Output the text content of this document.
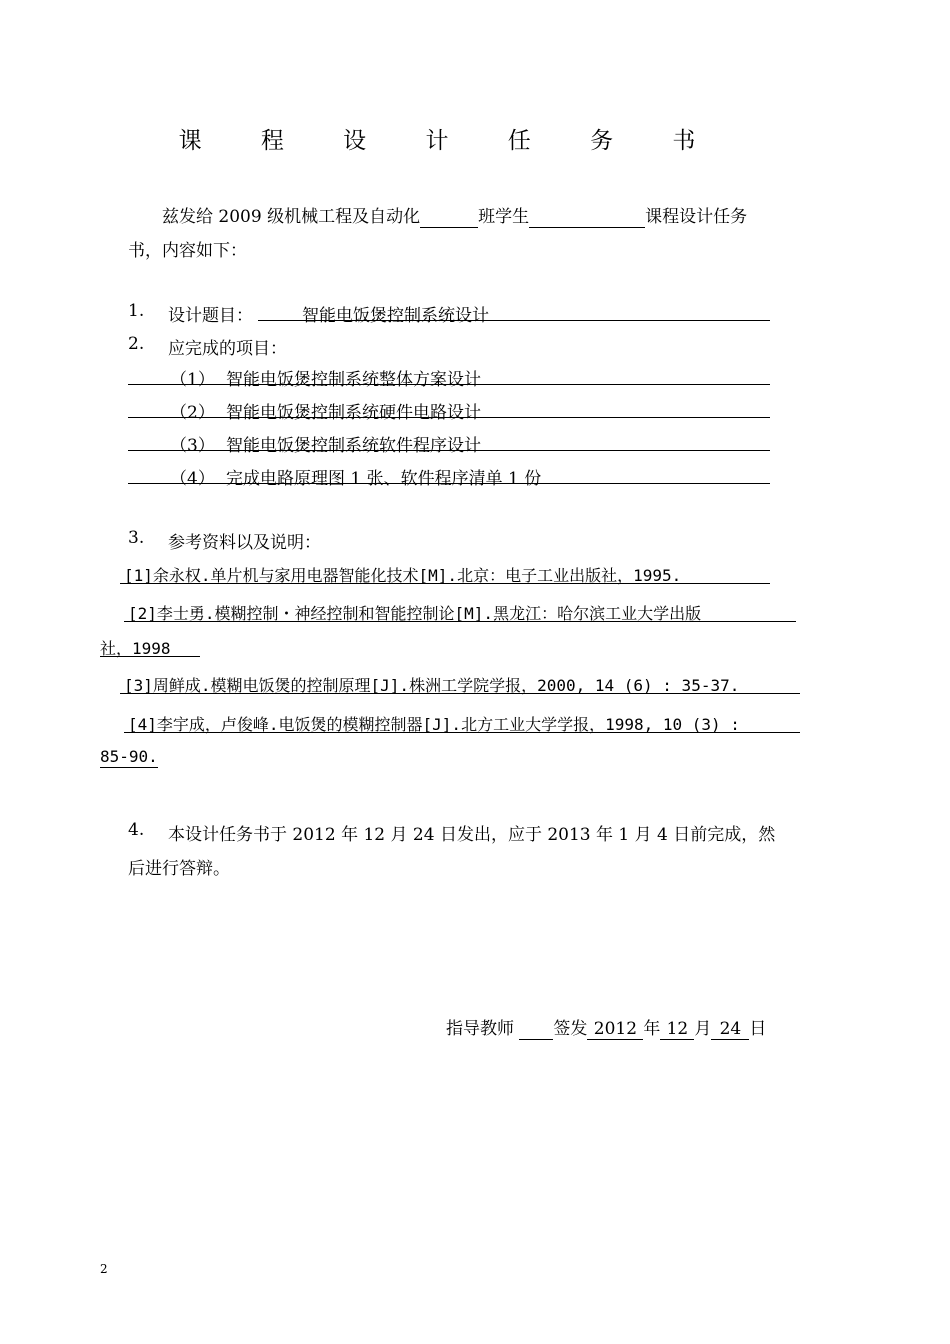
课 程 设 计 任 务 书
兹发给 2009 级机械工程及自动化	班学生	课程设计任务
书，内容如下：
1. 设计题目：	智能电饭煲控制系统设计
2. 应完成的项目：
（1） 智能电饭煲控制系统整体方案设计
（2） 智能电饭煲控制系统硬件电路设计
（3） 智能电饭煲控制系统软件程序设计
（4） 完成电路原理图 1 张、软件程序清单 1 份
3. 参考资料以及说明：
[1]余永权.单片机与家用电器智能化技术[M].北京：电子工业出版社，1995.
[2]李士勇.模糊控制・神经控制和智能控制论[M].黑龙江：哈尔滨工业大学出版
社，1998
[3]周鲜成.模糊电饭煲的控制原理[J].株洲工学院学报，2000, 14 (6) : 35-37.
[4]李宇成，卢俊峰.电饭煲的模糊控制器[J].北方工业大学学报，1998, 10 (3) :
85-90.
4. 本设计任务书于 2012 年 12 月 24 日发出，应于 2013 年 1 月 4 日前完成，然
后进行答辩。
指导教师 签发 2012 年 12 月 24 日
2
